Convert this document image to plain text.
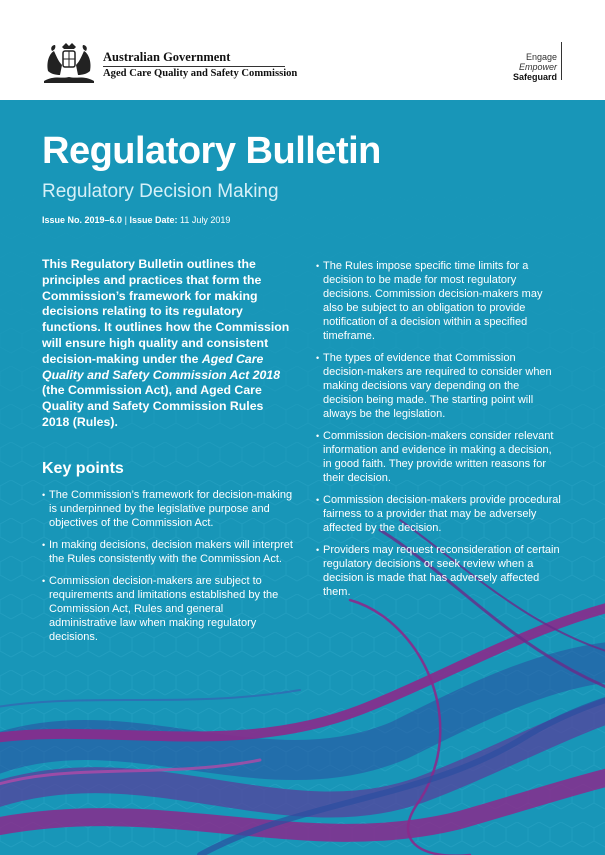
Australian Government
Aged Care Quality and Safety Commission
Engage
Empower
Safeguard
Regulatory Bulletin
Regulatory Decision Making
Issue No. 2019–6.0 | Issue Date: 11 July 2019

This Regulatory Bulletin outlines the principles and practices that form the Commission’s framework for making decisions relating to its regulatory functions. It outlines how the Commission will ensure high quality and consistent decision-making under the Aged Care Quality and Safety Commission Act 2018 (the Commission Act), and Aged Care Quality and Safety Commission Rules 2018 (Rules).

Key points
• The Commission’s framework for decision-making is underpinned by the legislative purpose and objectives of the Commission Act.
• In making decisions, decision makers will interpret the Rules consistently with the Commission Act.
• Commission decision-makers are subject to requirements and limitations established by the Commission Act, Rules and general administrative law when making regulatory decisions.
• The Rules impose specific time limits for a decision to be made for most regulatory decisions. Commission decision-makers may also be subject to an obligation to provide notification of a decision within a specified timeframe.
• The types of evidence that Commission decision-makers are required to consider when making decisions vary depending on the decision being made. The starting point will always be the legislation.
• Commission decision-makers consider relevant information and evidence in making a decision, in good faith. They provide written reasons for their decision.
• Commission decision-makers provide procedural fairness to a provider that may be adversely affected by the decision.
• Providers may request reconsideration of certain regulatory decisions or seek review when a decision is made that has adversely affected them.
